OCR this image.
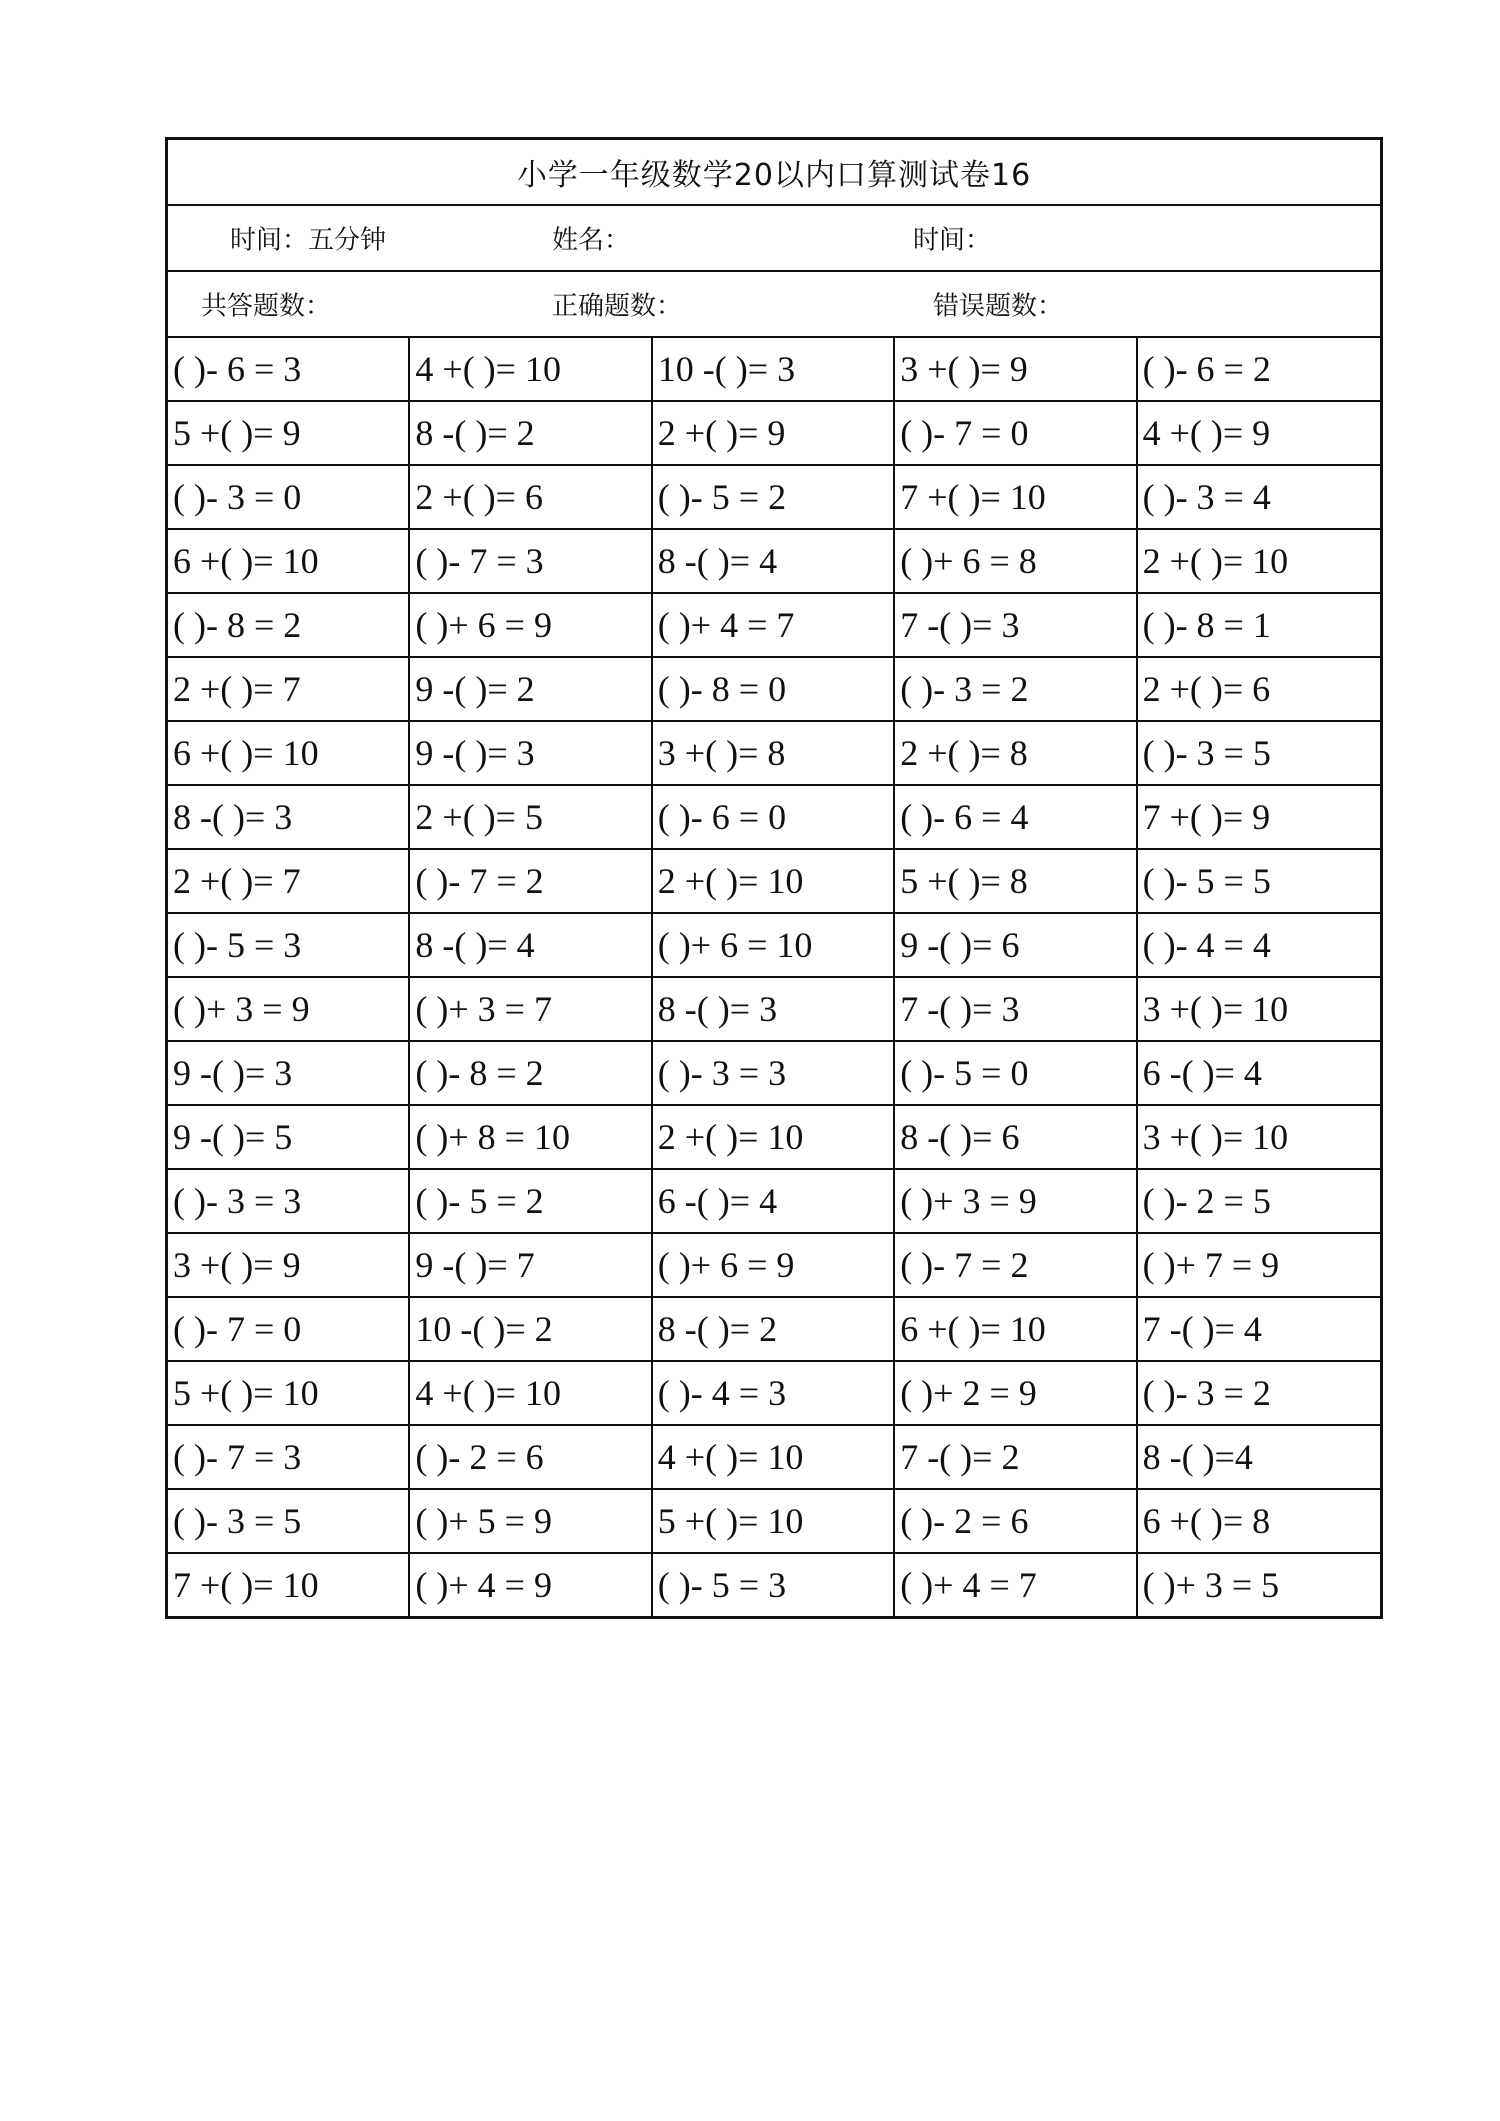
小学一年级数学20以内口算测试卷16
时间：五分钟	姓名：	时间：
共答题数：	正确题数：	错误题数：
( )- 6 = 3	4 +( )= 10	10 -( )= 3	3 +( )= 9	( )- 6 = 2
5 +( )= 9	8 -( )= 2	2 +( )= 9	( )- 7 = 0	4 +( )= 9
( )- 3 = 0	2 +( )= 6	( )- 5 = 2	7 +( )= 10	( )- 3 = 4
6 +( )= 10	( )- 7 = 3	8 -( )= 4	( )+ 6 = 8	2 +( )= 10
( )- 8 = 2	( )+ 6 = 9	( )+ 4 = 7	7 -( )= 3	( )- 8 = 1
2 +( )= 7	9 -( )= 2	( )- 8 = 0	( )- 3 = 2	2 +( )= 6
6 +( )= 10	9 -( )= 3	3 +( )= 8	2 +( )= 8	( )- 3 = 5
8 -( )= 3	2 +( )= 5	( )- 6 = 0	( )- 6 = 4	7 +( )= 9
2 +( )= 7	( )- 7 = 2	2 +( )= 10	5 +( )= 8	( )- 5 = 5
( )- 5 = 3	8 -( )= 4	( )+ 6 = 10	9 -( )= 6	( )- 4 = 4
( )+ 3 = 9	( )+ 3 = 7	8 -( )= 3	7 -( )= 3	3 +( )= 10
9 -( )= 3	( )- 8 = 2	( )- 3 = 3	( )- 5 = 0	6 -( )= 4
9 -( )= 5	( )+ 8 = 10	2 +( )= 10	8 -( )= 6	3 +( )= 10
( )- 3 = 3	( )- 5 = 2	6 -( )= 4	( )+ 3 = 9	( )- 2 = 5
3 +( )= 9	9 -( )= 7	( )+ 6 = 9	( )- 7 = 2	( )+ 7 = 9
( )- 7 = 0	10 -( )= 2	8 -( )= 2	6 +( )= 10	7 -( )= 4
5 +( )= 10	4 +( )= 10	( )- 4 = 3	( )+ 2 = 9	( )- 3 = 2
( )- 7 = 3	( )- 2 = 6	4 +( )= 10	7 -( )= 2	8 -( )=4
( )- 3 = 5	( )+ 5 = 9	5 +( )= 10	( )- 2 = 6	6 +( )= 8
7 +( )= 10	( )+ 4 = 9	( )- 5 = 3	( )+ 4 = 7	( )+ 3 = 5
